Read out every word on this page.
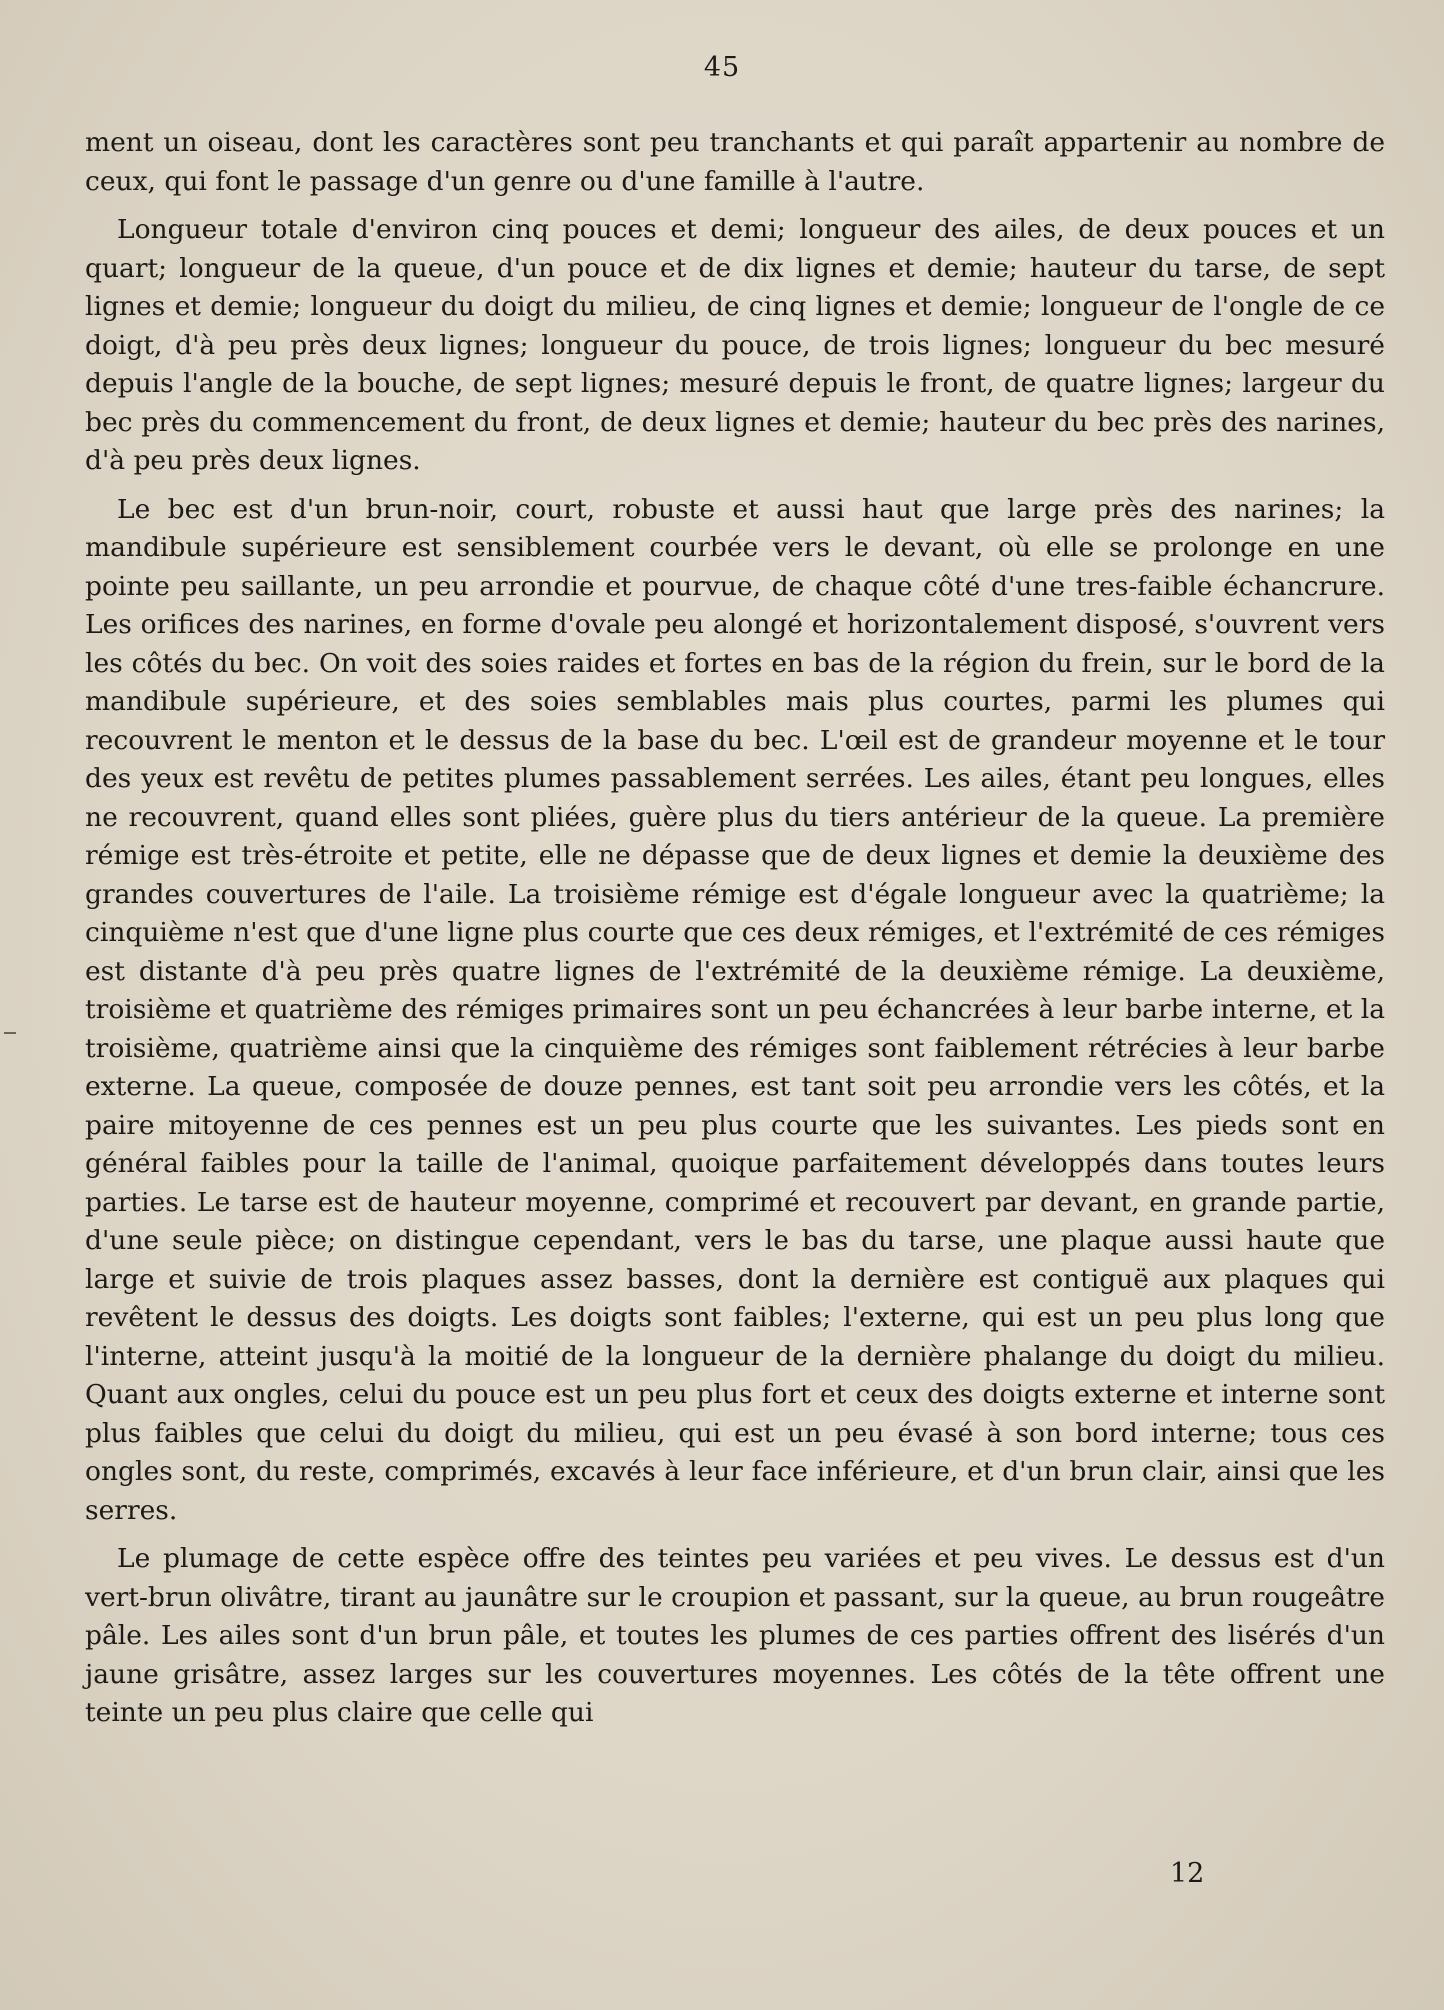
45

ment un oiseau, dont les caractères sont peu tranchants et qui paraît appartenir au nombre de ceux, qui font le passage d'un genre ou d'une famille à l'autre.

Longueur totale d'environ cinq pouces et demi; longueur des ailes, de deux pouces et un quart; longueur de la queue, d'un pouce et de dix lignes et demie; hauteur du tarse, de sept lignes et demie; longueur du doigt du milieu, de cinq lignes et demie; longueur de l'ongle de ce doigt, d'à peu près deux lignes; longueur du pouce, de trois lignes; longueur du bec mesuré depuis l'angle de la bouche, de sept lignes; mesuré depuis le front, de quatre lignes; largeur du bec près du commencement du front, de deux lignes et demie; hauteur du bec près des narines, d'à peu près deux lignes.

Le bec est d'un brun-noir, court, robuste et aussi haut que large près des narines; la mandibule supérieure est sensiblement courbée vers le devant, où elle se prolonge en une pointe peu saillante, un peu arrondie et pourvue, de chaque côté d'une tres-faible échancrure. Les orifices des narines, en forme d'ovale peu alongé et horizontalement disposé, s'ouvrent vers les côtés du bec. On voit des soies raides et fortes en bas de la région du frein, sur le bord de la mandibule supérieure, et des soies semblables mais plus courtes, parmi les plumes qui recouvrent le menton et le dessus de la base du bec. L'œil est de grandeur moyenne et le tour des yeux est revêtu de petites plumes passablement serrées. Les ailes, étant peu longues, elles ne recouvrent, quand elles sont pliées, guère plus du tiers antérieur de la queue. La première rémige est très-étroite et petite, elle ne dépasse que de deux lignes et demie la deuxième des grandes couvertures de l'aile. La troisième rémige est d'égale longueur avec la quatrième; la cinquième n'est que d'une ligne plus courte que ces deux rémiges, et l'extrémité de ces rémiges est distante d'à peu près quatre lignes de l'extrémité de la deuxième rémige. La deuxième, troisième et quatrième des rémiges primaires sont un peu échancrées à leur barbe interne, et la troisième, quatrième ainsi que la cinquième des rémiges sont faiblement rétrécies à leur barbe externe. La queue, composée de douze pennes, est tant soit peu arrondie vers les côtés, et la paire mitoyenne de ces pennes est un peu plus courte que les suivantes. Les pieds sont en général faibles pour la taille de l'animal, quoique parfaitement développés dans toutes leurs parties. Le tarse est de hauteur moyenne, comprimé et recouvert par devant, en grande partie, d'une seule pièce; on distingue cependant, vers le bas du tarse, une plaque aussi haute que large et suivie de trois plaques assez basses, dont la dernière est contiguë aux plaques qui revêtent le dessus des doigts. Les doigts sont faibles; l'externe, qui est un peu plus long que l'interne, atteint jusqu'à la moitié de la longueur de la dernière phalange du doigt du milieu. Quant aux ongles, celui du pouce est un peu plus fort et ceux des doigts externe et interne sont plus faibles que celui du doigt du milieu, qui est un peu évasé à son bord interne; tous ces ongles sont, du reste, comprimés, excavés à leur face inférieure, et d'un brun clair, ainsi que les serres.

Le plumage de cette espèce offre des teintes peu variées et peu vives. Le dessus est d'un vert-brun olivâtre, tirant au jaunâtre sur le croupion et passant, sur la queue, au brun rougeâtre pâle. Les ailes sont d'un brun pâle, et toutes les plumes de ces parties offrent des lisérés d'un jaune grisâtre, assez larges sur les couvertures moyennes. Les côtés de la tête offrent une teinte un peu plus claire que celle qui

12
